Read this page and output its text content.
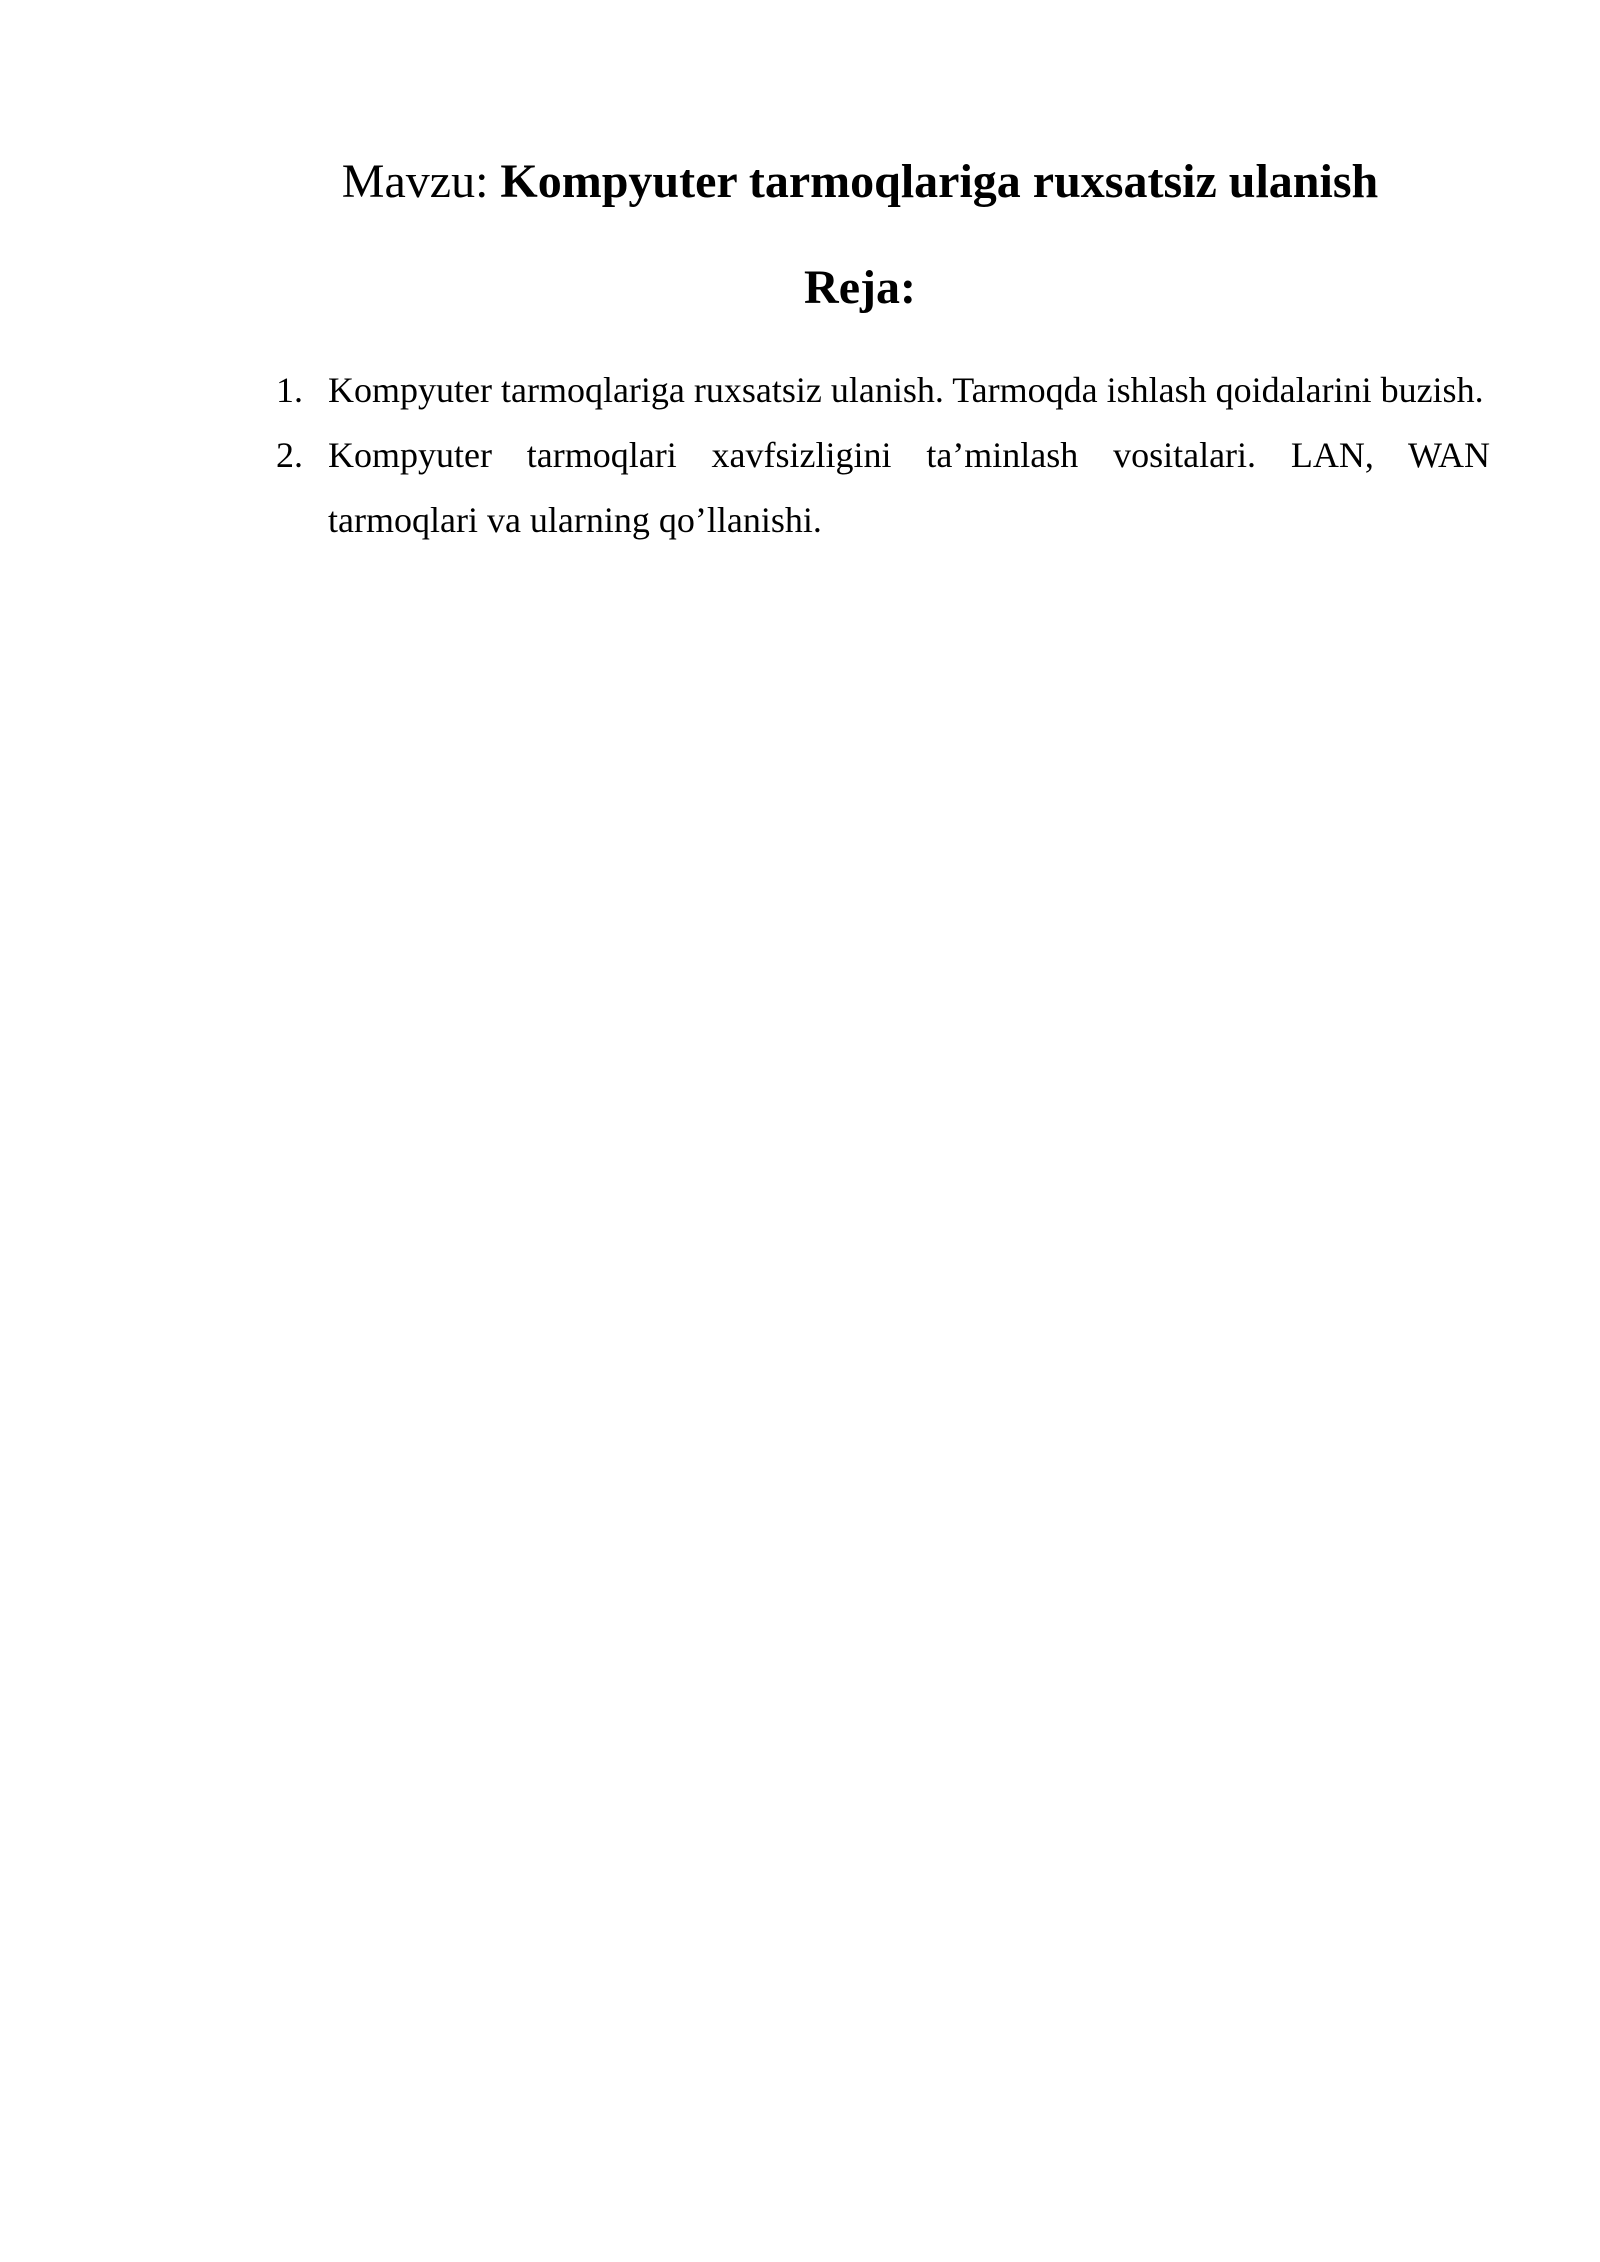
Mavzu: Kompyuter tarmoqlariga ruxsatsiz ulanish
Reja:
1. Kompyuter tarmoqlariga ruxsatsiz ulanish. Tarmoqda ishlash qoidalarini buzish.
2. Kompyuter tarmoqlari xavfsizligini ta’minlash vositalari. LAN, WAN tarmoqlari va ularning qo’llanishi.
